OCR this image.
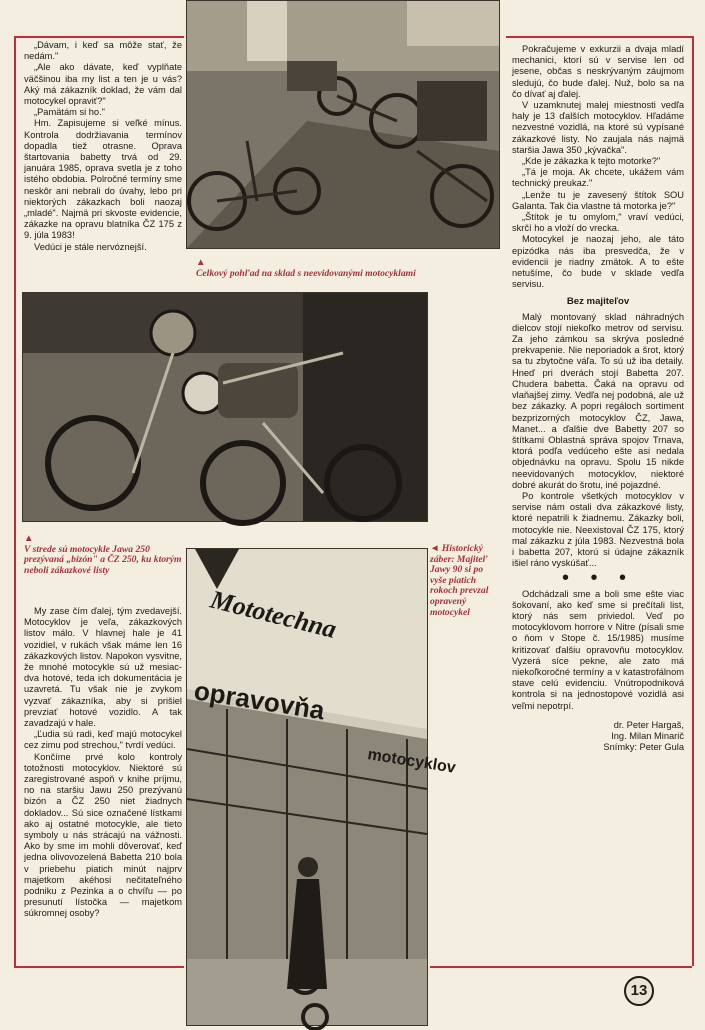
„Dávam, i keď sa môže stať, že nedám."

„Ale ako dávate, keď vyplňate väčšinou iba my list a ten je u vás? Aký má zákazník doklad, že vám dal motocykel opraviť?"

„Pamätám si ho."

Hm. Zapisujeme si veľké mínus. Kontrola dodržiavania termínov dopadla tiež otrasne. Oprava štartovania babetty trvá od 29. januára 1985, oprava svetla je z toho istého obdobia. Polročné termíny sme neskôr ani nebrali do úvahy, lebo pri niektorých zákazkach boli naozaj „mladé". Najmä pri skvoste evidencie, zákazke na opravu blatníka ČZ 175 z 9. júla 1983!

Vedúci je stále nervóznejší.

▲
Celkový pohľad na sklad s neevidovanými motocyklami
▲
V strede sú motocykle Jawa 250 prezývaná „bizón" a ČZ 250, ku ktorým neboli zákazkové listy

My zase čím ďalej, tým zvedavejší. Motocyklov je veľa, zákazkových listov málo. V hlavnej hale je 41 vozidiel, v rukách však máme len 16 zákazkových listov. Napokon vysvitne, že mnohé motocykle sú už mesiac-dva hotové, teda ich dokumentácia je uzavretá. Tu však nie je zvykom vyzvať zákazníka, aby si prišiel prevziať hotové vozidlo. A tak zavadzajú v hale.

„Ľudia sú radi, keď majú motocykel cez zimu pod strechou," tvrdí vedúci.

Končíme prvé kolo kontroly totožnosti motocyklov. Niektoré sú zaregistrované aspoň v knihe príjmu, no na staršiu Jawu 250 prezývanú bizón a ČZ 250 niet žiadnych dokladov... Sú sice označené lístkami ako aj ostatné motocykle, ale tieto symboly u nás strácajú na vážnosti. Ako by sme im mohli dôverovať, keď jedna olivovozelená Babetta 210 bola v priebehu piatich minút najprv majetkom akéhosi nečitateľného podniku z Pezinka a o chvíľu — po presunutí lístočka — majetkom súkromnej osoby?

Mototechna
opravovňa
motocyklov
◄ Historický záber: Majiteľ Jawy 90 si po vyše piatich rokoch prevzal opravený motocykel

Pokračujeme v exkurzii a dvaja mladí mechanici, ktorí sú v servise len od jesene, občas s neskrývaným záujmom sledujú, čo bude ďalej. Nuž, bolo sa na čo dívať aj ďalej.

V uzamknutej malej miestnosti vedľa haly je 13 ďalších motocyklov. Hľadáme nezvestné vozidlá, na ktoré sú vypísané zákazkové listy. No zaujala nás najmä staršia Jawa 350 „kývačka".

„Kde je zákazka k tejto motorke?"

„Tá je moja. Ak chcete, ukážem vám technický preukaz."

„Lenže tu je zavesený štítok SOU Galanta. Tak čia vlastne tá motorka je?"

„Štítok je tu omylom," vraví vedúci, skrčí ho a vloží do vrecka.

Motocykel je naozaj jeho, ale táto epizódka nás iba presvedča, že v evidencii je riadny zmätok. A to ešte netušíme, čo bude v sklade vedľa servisu.

Bez majiteľov

Malý montovaný sklad náhradných dielcov stojí niekoľko metrov od servisu. Za jeho zámkou sa skrýva posledné prekvapenie. Nie neporiadok a šrot, ktorý sa tu zbytočne váľa. To sú už iba detaily. Hneď pri dverách stojí Babetta 207. Chudera babetta. Čaká na opravu od vlaňajšej zimy. Vedľa nej podobná, ale už bez zákazky. A popri regáloch sortiment bezprizorných motocyklov ČZ, Jawa, Manet... a ďalšie dve Babetty 207 so štítkami Oblastná správa spojov Trnava, ktorá podľa vedúceho ešte asi nedala objednávku na opravu. Spolu 15 nikde neevidovaných motocyklov, niektoré dobré akurát do šrotu, iné pojazdné.

Po kontrole všetkých motocyklov v servise nám ostali dva zákazkové listy, ktoré nepatrili k žiadnemu. Zákazky boli, motocykle nie. Neexistoval ČZ 175, ktorý mal zákazku z júla 1983. Nezvestná bola i babetta 207, ktorú si údajne zákazník išiel ráno vyskúšať...

• • •

Odchádzali sme a boli sme ešte viac šokovaní, ako keď sme si prečítali list, ktorý nás sem priviedol. Veď po motocyklovom horrore v Nitre (písali sme o ňom v Stope č. 15/1985) musíme kritizovať ďalšiu opravovňu motocyklov. Vyzerá síce pekne, ale zato má niekoľkoročné termíny a v katastrofálnom stave celú evidenciu. Vnútropodniková kontrola si na jednostopové vozidlá asi veľmi nepotrpí.

dr. Peter Hargaš,
Ing. Milan Minarič
Snímky: Peter Gula
13
